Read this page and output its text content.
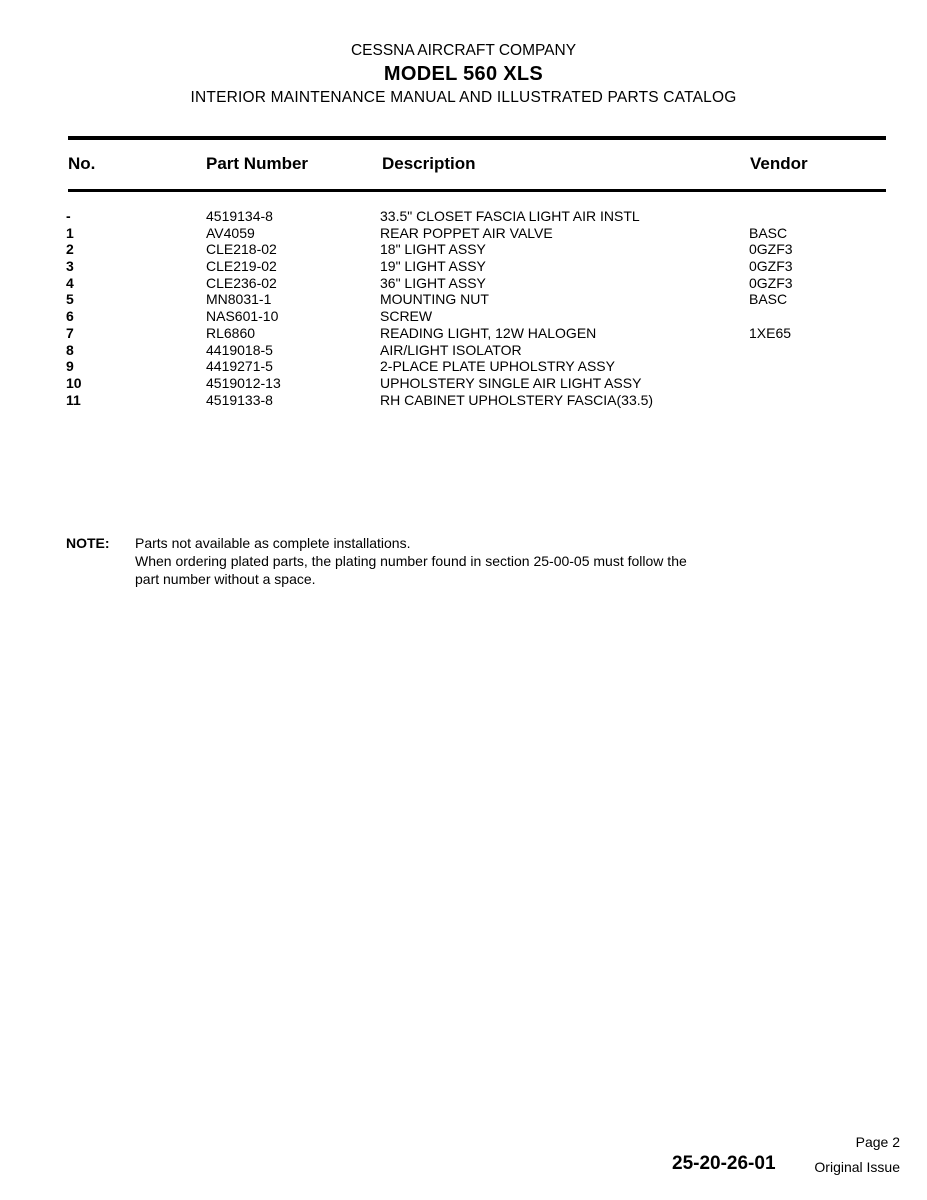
CESSNA AIRCRAFT COMPANY
MODEL 560 XLS
INTERIOR MAINTENANCE MANUAL AND ILLUSTRATED PARTS CATALOG
No.	Part Number	Description	Vendor
-	4519134-8	33.5" CLOSET FASCIA LIGHT AIR INSTL
1	AV4059	REAR POPPET AIR VALVE	BASC
2	CLE218-02	18" LIGHT ASSY	0GZF3
3	CLE219-02	19" LIGHT ASSY	0GZF3
4	CLE236-02	36" LIGHT ASSY	0GZF3
5	MN8031-1	MOUNTING NUT	BASC
6	NAS601-10	SCREW
7	RL6860	READING LIGHT, 12W HALOGEN	1XE65
8	4419018-5	AIR/LIGHT ISOLATOR
9	4419271-5	2-PLACE PLATE UPHOLSTRY ASSY
10	4519012-13	UPHOLSTERY SINGLE AIR LIGHT ASSY
11	4519133-8	RH CABINET UPHOLSTERY FASCIA(33.5)
NOTE: Parts not available as complete installations.
When ordering plated parts, the plating number found in section 25-00-05 must follow the
part number without a space.
Page 2
25-20-26-01	Original Issue
